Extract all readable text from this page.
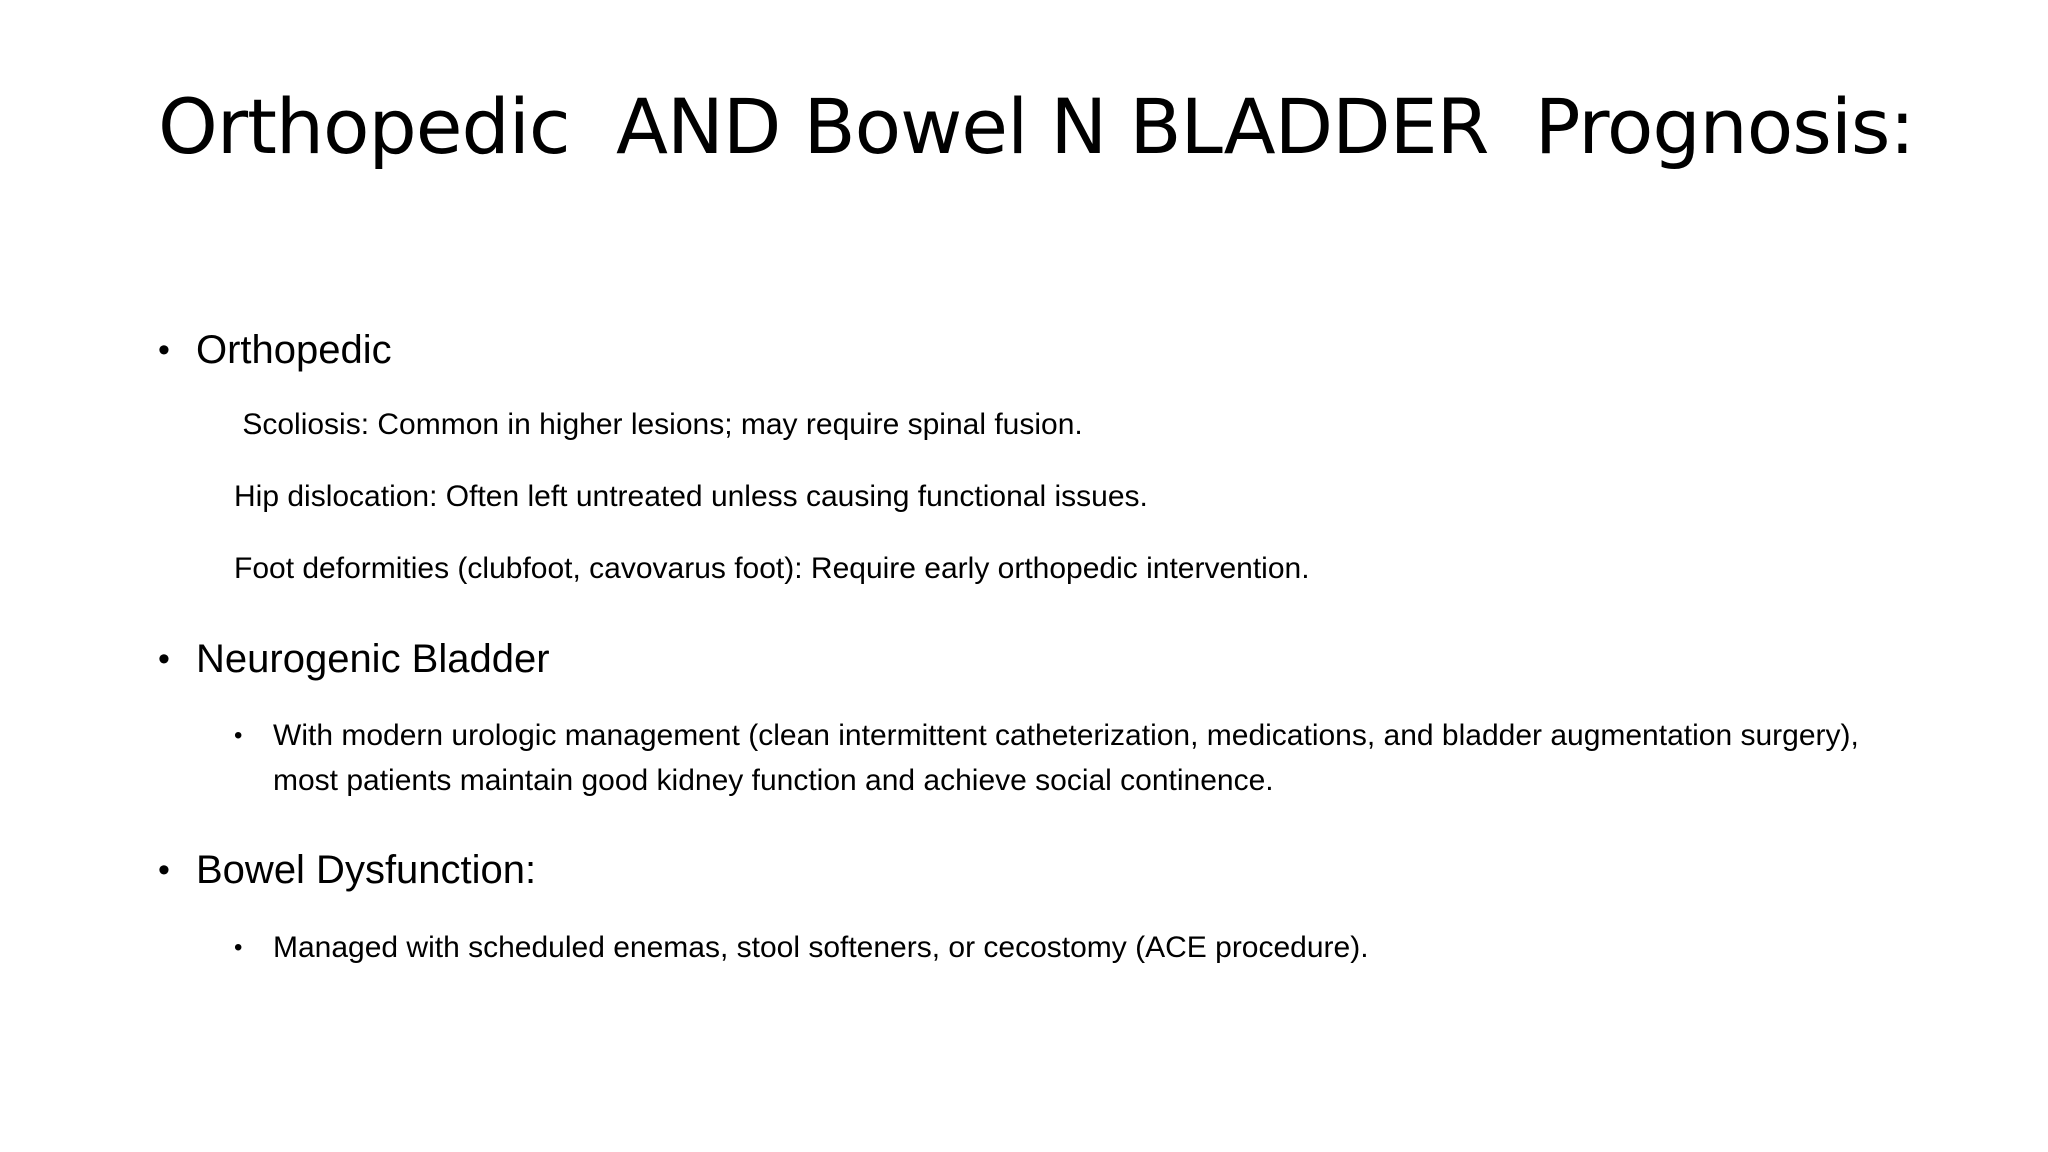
Orthopedic  AND Bowel N BLADDER  Prognosis:

•

Orthopedic

Scoliosis: Common in higher lesions; may require spinal fusion.
Hip dislocation: Often left untreated unless causing functional issues.
Foot deformities (clubfoot, cavovarus foot): Require early orthopedic intervention.

•

Neurogenic Bladder

• With modern urologic management (clean intermittent catheterization, medications, and bladder augmentation surgery), most patients maintain good kidney function and achieve social continence.

•

Bowel Dysfunction:

• Managed with scheduled enemas, stool softeners, or cecostomy (ACE procedure).
